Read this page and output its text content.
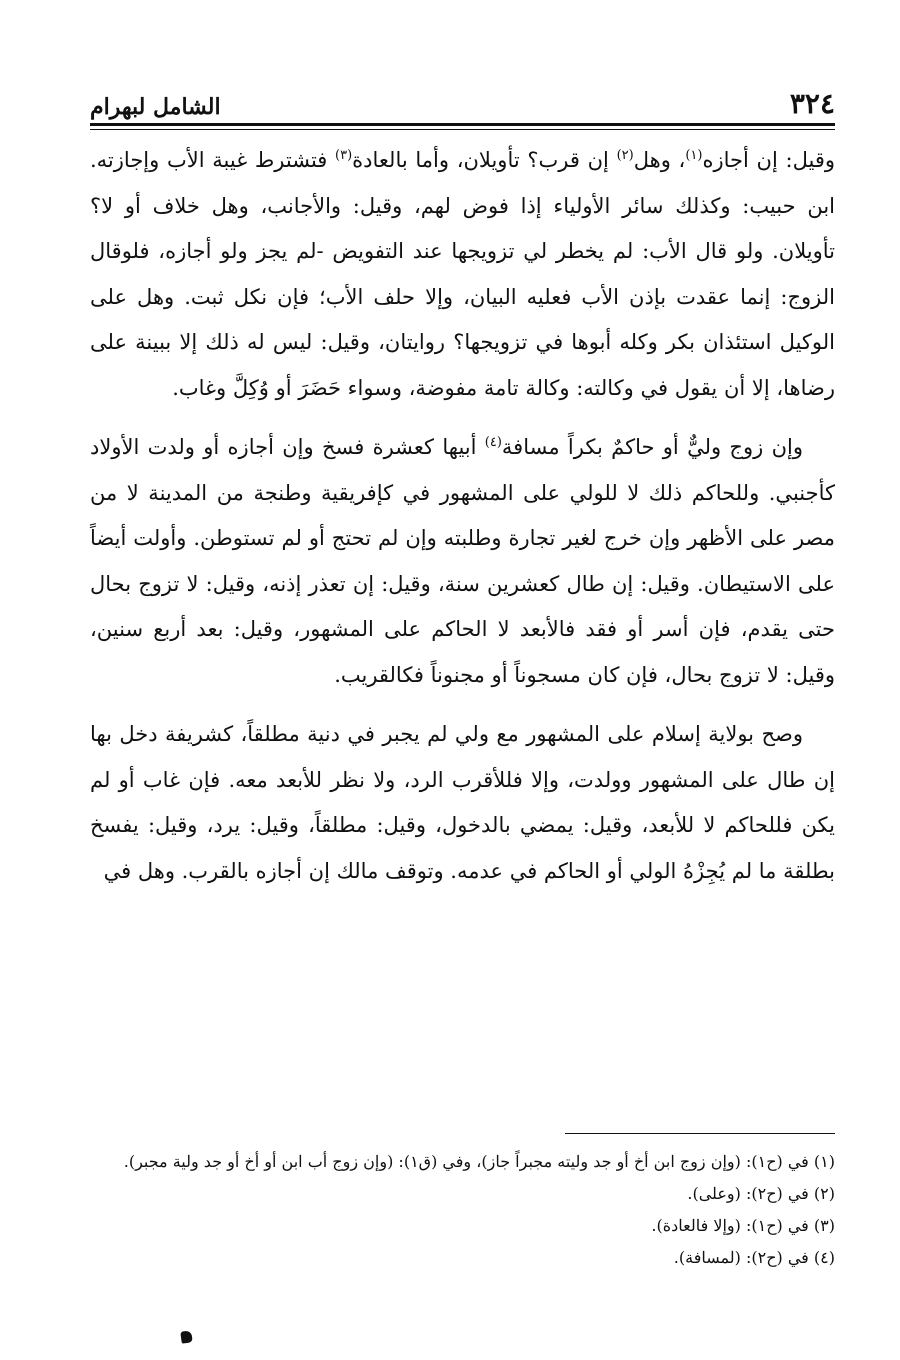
٣٢٤
الشامل لبهرام

وقيل: إن أجازه$^{(١)}$، وهل$^{(٢)}$ إن قرب؟ تأويلان، وأما بالعادة$^{(٣)}$ فتشترط غيبة الأب وإجازته. ابن حبيب: وكذلك سائر الأولياء إذا فوض لهم، وقيل: والأجانب، وهل خلاف أو لا؟ تأويلان. ولو قال الأب: لم يخطر لي تزويجها عند التفويض -لم يجز ولو أجازه، فلوقال الزوج: إنما عقدت بإذن الأب فعليه البيان، وإلا حلف الأب؛ فإن نكل ثبت. وهل على الوكيل استئذان بكر وكله أبوها في تزويجها؟ روايتان، وقيل: ليس له ذلك إلا ببينة على رضاها، إلا أن يقول في وكالته: وكالة تامة مفوضة، وسواء حَضَرَ أو وُكِلَّ وغاب.

وإن زوج وليٌّ أو حاكمٌ بكراً مسافة$^{(٤)}$ أبيها كعشرة فسخ وإن أجازه أو ولدت الأولاد كأجنبي. وللحاكم ذلك لا للولي على المشهور في كإفريقية وطنجة من المدينة لا من مصر على الأظهر وإن خرج لغير تجارة وطلبته وإن لم تحتج أو لم تستوطن. وأولت أيضاً على الاستيطان. وقيل: إن طال كعشرين سنة، وقيل: إن تعذر إذنه، وقيل: لا تزوج بحال حتى يقدم، فإن أسر أو فقد فالأبعد لا الحاكم على المشهور، وقيل: بعد أربع سنين، وقيل: لا تزوج بحال، فإن كان مسجوناً أو مجنوناً فكالقريب.

وصح بولاية إسلام على المشهور مع ولي لم يجبر في دنية مطلقاً، كشريفة دخل بها إن طال على المشهور وولدت، وإلا فللأقرب الرد، ولا نظر للأبعد معه. فإن غاب أو لم يكن فللحاكم لا للأبعد، وقيل: يمضي بالدخول، وقيل: مطلقاً، وقيل: يرد، وقيل: يفسخ بطلقة ما لم يُجِزْهُ الولي أو الحاكم في عدمه. وتوقف مالك إن أجازه بالقرب. وهل في

(١) في (ح١): (وإن زوج ابن أخ أو جد وليته مجبراً جاز)، وفي (ق١): (وإن زوج أب ابن أو أخ أو جد ولية مجبر).

(٢) في (ح٢): (وعلى).

(٣) في (ح١): (وإلا فالعادة).

(٤) في (ح٢): (لمسافة).
